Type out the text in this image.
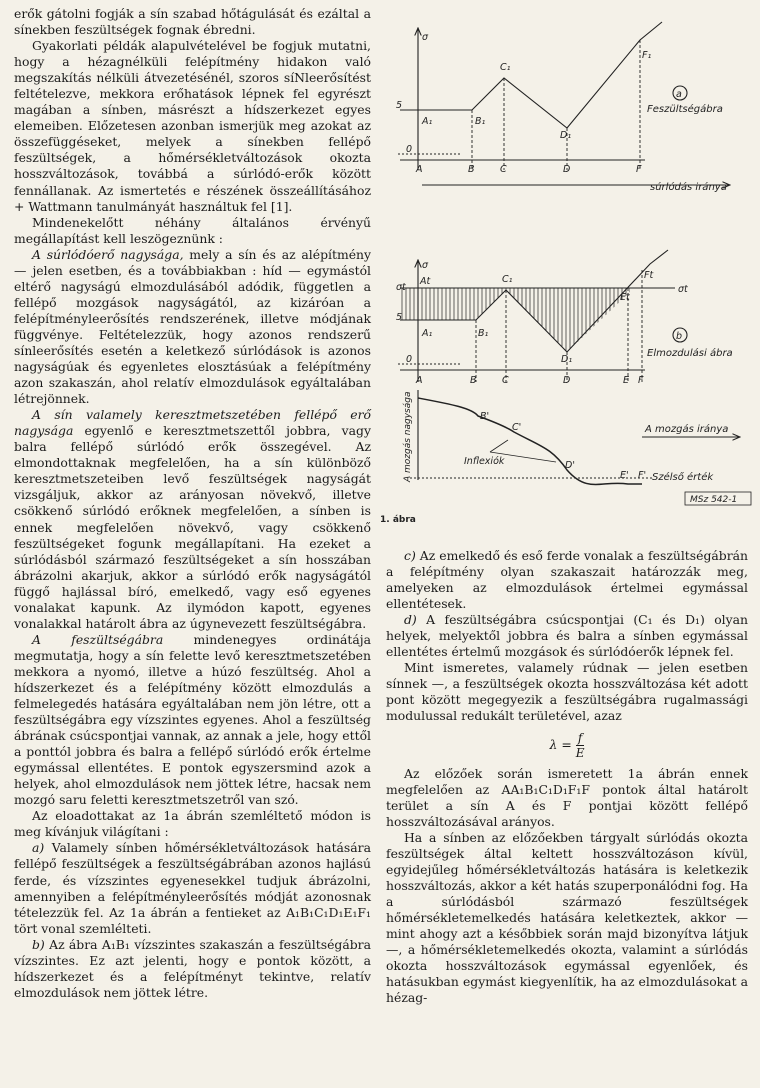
erők gátolni fogják a sín szabad hőtágulását és ezáltal a sínekben feszültségek fognak ébredni.

Gyakorlati példák alapulvételével be fogjuk mutatni, hogy a hézagnélküli felépítmény hidakon való megszakítás nélküli átvezetésénél, szoros síNleerősítést feltételezve, mekkora erőhatások lépnek fel egyrészt magában a sínben, másrészt a hídszerkezet egyes elemeiben. Előzetesen azonban ismerjük meg azokat az összefüggéseket, melyek a sínekben fellépő feszültségek, a hőmérsékletváltozások okozta hosszváltozások, továbbá a súrlódó-erők között fennállanak. Az ismertetés e részének összeállításához + Wattmann tanulmányát használtuk fel [1].

Mindenekelőtt néhány általános érvényű megállapítást kell leszögeznünk :

A súrlódóerő nagysága, mely a sín és az alépítmény — jelen esetben, és a továbbiakban : híd — egymástól eltérő nagyságú elmozdulásából adódik, független a fellépő mozgások nagyságától, az kizáróan a felépítményleerősítés rendszerének, illetve módjának függvénye. Feltételezzük, hogy azonos rendszerű sínleerősítés esetén a keletkező súrlódások is azonos nagyságúak és egyenletes elosztásúak a felépítmény azon szakaszán, ahol relatív elmozdulások egyáltalában létrejönnek.

A sín valamely keresztmetszetében fellépő erő nagysága egyenlő e keresztmetszettől jobbra, vagy balra fellépő súrlódó erők összegével. Az elmondottaknak megfelelően, ha a sín különböző keresztmetszeteiben levő feszültségek nagyságát vizsgáljuk, akkor az arányosan növekvő, illetve csökkenő súrlódó erőknek megfelelően, a sínben is ennek megfelelően növekvő, vagy csökkenő feszültségeket fogunk megállapítani. Ha ezeket a súrlódásból származó feszültségeket a sín hosszában ábrázolni akarjuk, akkor a súrlódó erők nagyságától függő hajlással bíró, emelkedő, vagy eső egyenes vonalakat kapunk. Az ilymódon kapott, egyenes vonalakkal határolt ábra az úgynevezett feszültségábra.

A feszültségábra mindenegyes ordinátája megmutatja, hogy a sín felette levő keresztmetszetében mekkora a nyomó, illetve a húzó feszültség. Ahol a hídszerkezet és a felépítmény között elmozdulás a felmelegedés hatására egyáltalában nem jön létre, ott a feszültségábra egy vízszintes egyenes. Ahol a feszültség ábrának csúcspontjai vannak, az annak a jele, hogy ettől a ponttól jobbra és balra a fellépő súrlódó erők értelme egymással ellentétes. E pontok egyszersmind azok a helyek, ahol elmozdulások nem jöttek létre, hacsak nem mozgó saru feletti keresztmetszetről van szó.

Az eloadottakat az 1a ábrán szemléltető módon is meg kívánjuk világítani :

a) Valamely sínben hőmérsékletváltozások hatására fellépő feszültségek a feszültségábrában azonos hajlású ferde, és vízszintes egyenesekkel tudjuk ábrázolni, amennyiben a felépítményleerősítés módját azonosnak tételezzük fel. Az 1a ábrán a fentieket az A₁B₁C₁D₁E₁F₁ tört vonal szemlélteti.

b) Az ábra A₁B₁ vízszintes szakaszán a feszültségábra vízszintes. Ez azt jelenti, hogy e pontok között, a hídszerkezet és a felépítményt tekintve, relatív elmozdulások nem jöttek létre.

σ
5
0
A₁	B₁
C₁
D₁
F₁
A	B	C	D	F
a
Feszültségábra
súrlódás iránya
σ
σt
5
0
At
A₁	B₁
C₁
D₁
Et
Ft
σt
A	B	C	D	E F
b
Elmozdulási ábra
A mozgás nagysága	B'
C'
D'
E' F'
A mozgás iránya
Inflexiók
Szélső érték
MSz 542-1
1. ábra

c) Az emelkedő és eső ferde vonalak a feszültségábrán a felépítmény olyan szakaszait határozzák meg, amelyeken az elmozdulások értelmei egymással ellentétesek.

d) A feszültségábra csúcspontjai (C₁ és D₁) olyan helyek, melyektől jobbra és balra a sínben egymással ellentétes értelmű mozgások és súrlódóerők lépnek fel.

Mint ismeretes, valamely rúdnak — jelen esetben sínnek —, a feszültségek okozta hosszváltozása két adott pont között megegyezik a feszültségábra rugalmassági modulussal redukált területével, azaz

$\lambda = \frac{f}{E}$

Az előzőek során ismeretett 1a ábrán ennek megfelelően az AA₁B₁C₁D₁F₁F pontok által határolt terület a sín A és F pontjai között fellépő hosszváltozásával arányos.

Ha a sínben az előzőekben tárgyalt súrlódás okozta feszültségek által keltett hosszváltozáson kívül, egyidejűleg hőmérsékletváltozás hatására is keletkezik hosszváltozás, akkor a két hatás szuperponálódni fog. Ha a súrlódásból származó feszültségek hőmérsékletemelkedés hatására keletkeztek, akkor — mint ahogy azt a későbbiek során majd bizonyítva látjuk —, a hőmérsékletemelkedés okozta, valamint a súrlódás okozta hosszváltozások egymással egyenlőek, és hatásukban egymást kiegyenlítik, ha az elmozdulásokat a hézag-
